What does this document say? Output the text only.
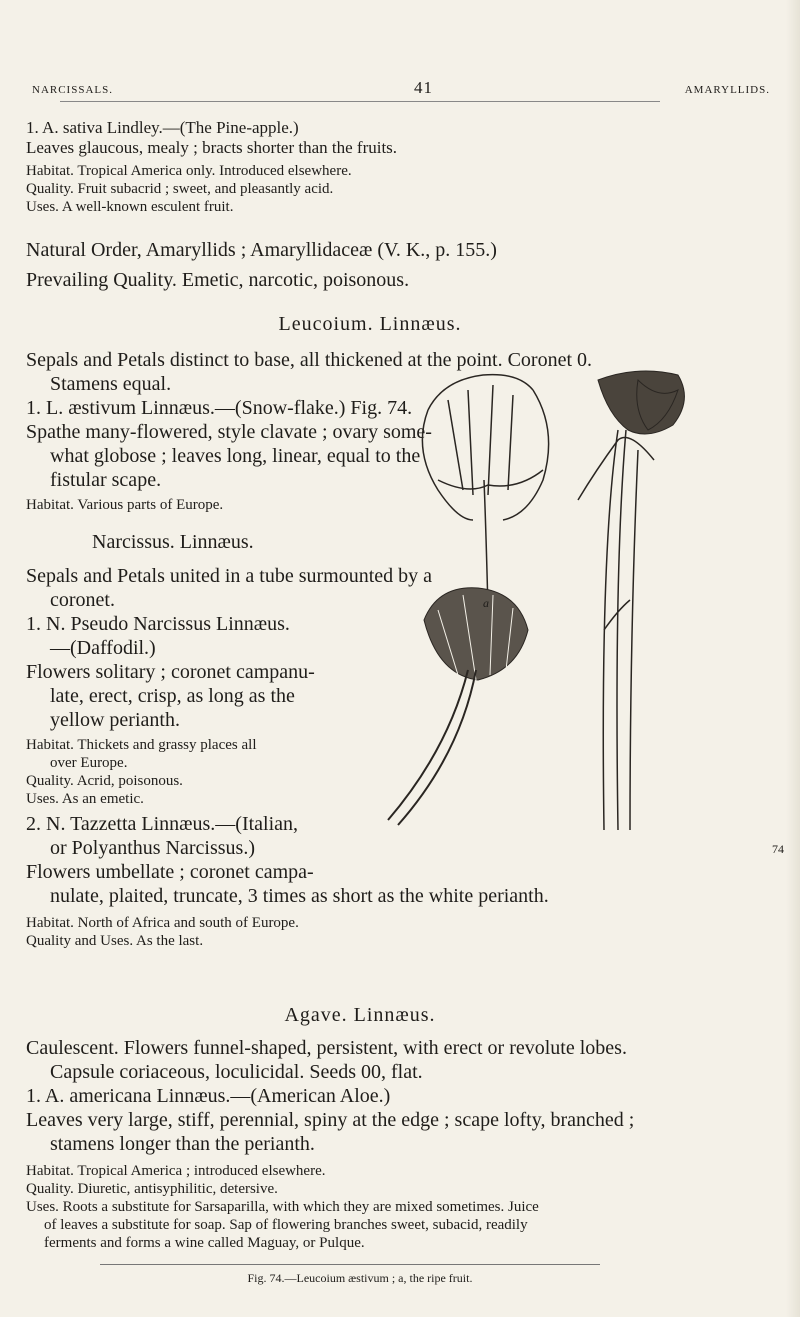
NARCISSALS.	41	AMARYLLIDS.
1. A. sativa Lindley.—(The Pine-apple.)
Leaves glaucous, mealy ; bracts shorter than the fruits.
Habitat. Tropical America only. Introduced elsewhere.
Quality. Fruit subacrid ; sweet, and pleasantly acid.
Uses. A well-known esculent fruit.
Natural Order, Amaryllids ; Amaryllidaceæ (V. K., p. 155.)
Prevailing Quality. Emetic, narcotic, poisonous.
Leucoium. Linnæus.
Sepals and Petals distinct to base, all thickened at the point. Coronet 0.
Stamens equal.
1. L. æstivum Linnæus.—(Snow-flake.) Fig. 74.
Spathe many-flowered, style clavate ; ovary some-
what globose ; leaves long, linear, equal to the
fistular scape.
Habitat. Various parts of Europe.
Narcissus. Linnæus.
Sepals and Petals united in a tube surmounted by a
coronet.
1. N. Pseudo Narcissus Linnæus.
—(Daffodil.)
Flowers solitary ; coronet campanu-
late, erect, crisp, as long as the
yellow perianth.
Habitat. Thickets and grassy places all
over Europe.
Quality. Acrid, poisonous.
Uses. As an emetic.
2. N. Tazzetta Linnæus.—(Italian,
or Polyanthus Narcissus.)
Flowers umbellate ; coronet campa-
nulate, plaited, truncate, 3 times as short as the white perianth.
Habitat. North of Africa and south of Europe.
Quality and Uses. As the last.
a
74
Agave. Linnæus.
Caulescent. Flowers funnel-shaped, persistent, with erect or revolute lobes.
Capsule coriaceous, loculicidal. Seeds 00, flat.
1. A. americana Linnæus.—(American Aloe.)
Leaves very large, stiff, perennial, spiny at the edge ; scape lofty, branched ;
stamens longer than the perianth.
Habitat. Tropical America ; introduced elsewhere.
Quality. Diuretic, antisyphilitic, detersive.
Uses. Roots a substitute for Sarsaparilla, with which they are mixed sometimes. Juice
of leaves a substitute for soap. Sap of flowering branches sweet, subacid, readily
ferments and forms a wine called Maguay, or Pulque.
Fig. 74.—Leucoium æstivum ; a, the ripe fruit.
